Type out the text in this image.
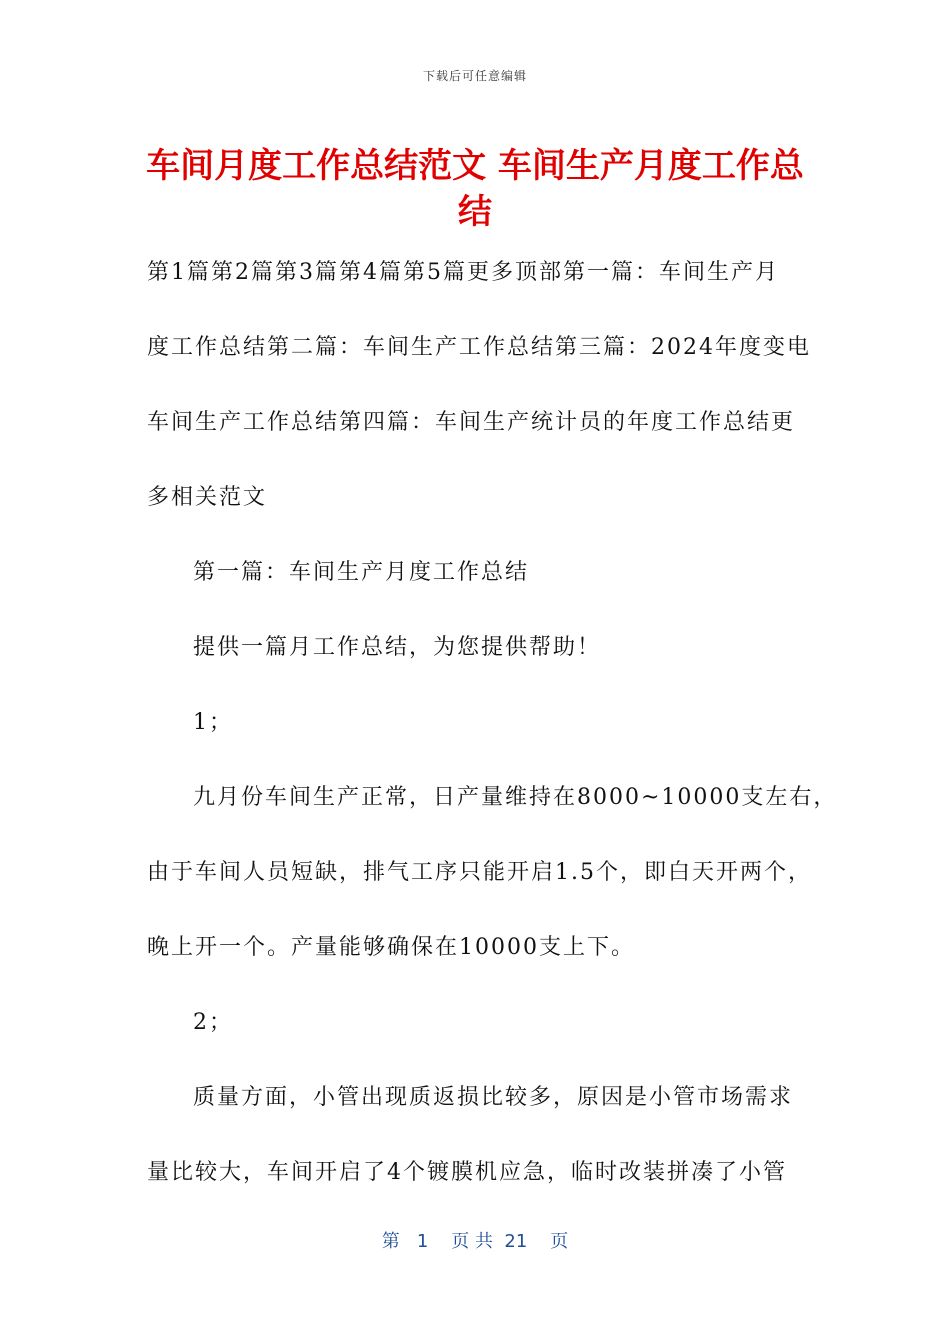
下载后可任意编辑
车间月度工作总结范文 车间生产月度工作总
结

第1篇第2篇第3篇第4篇第5篇更多顶部第一篇：车间生产月

度工作总结第二篇：车间生产工作总结第三篇：2024年度变电

车间生产工作总结第四篇：车间生产统计员的年度工作总结更

多相关范文

第一篇：车间生产月度工作总结

提供一篇月工作总结，为您提供帮助！

1；

九月份车间生产正常，日产量维持在8000~10000支左右，

由于车间人员短缺，排气工序只能开启1.5个，即白天开两个，

晚上开一个。产量能够确保在10000支上下。

2；

质量方面，小管出现质返损比较多，原因是小管市场需求

量比较大，车间开启了4个镀膜机应急，临时改装拼凑了小管

第   1    页 共  21    页
